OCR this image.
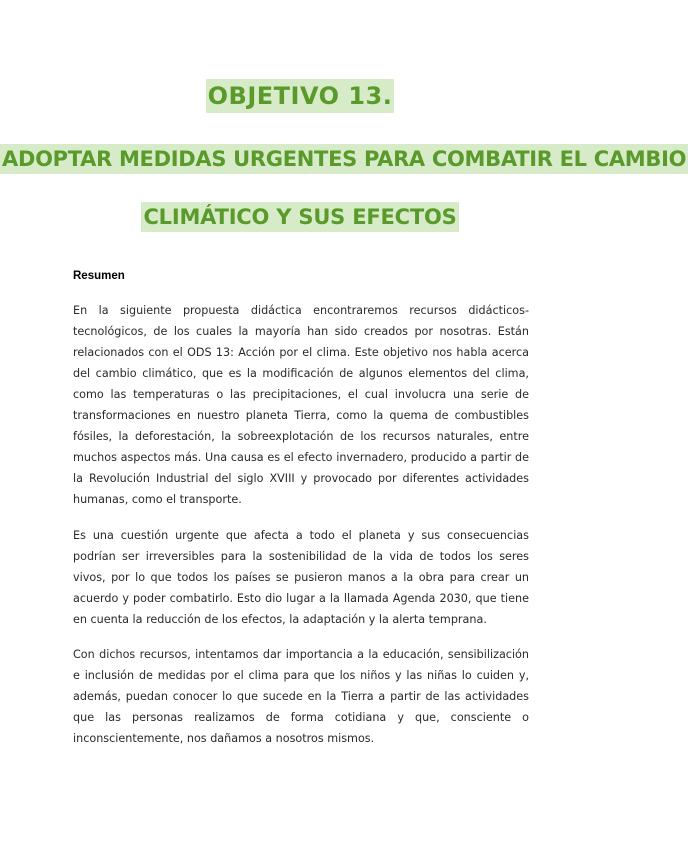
OBJETIVO 13.
ADOPTAR MEDIDAS URGENTES PARA COMBATIR EL CAMBIO
CLIMÁTICO Y SUS EFECTOS
Resumen

En la siguiente propuesta didáctica encontraremos recursos didácticos-tecnológicos, de los cuales la mayoría han sido creados por nosotras. Están relacionados con el ODS 13: Acción por el clima. Este objetivo nos habla acerca del cambio climático, que es la modificación de algunos elementos del clima, como las temperaturas o las precipitaciones, el cual involucra una serie de transformaciones en nuestro planeta Tierra, como la quema de combustibles fósiles, la deforestación, la sobreexplotación de los recursos naturales, entre muchos aspectos más. Una causa es el efecto invernadero, producido a partir de la Revolución Industrial del siglo XVIII y provocado por diferentes actividades humanas, como el transporte.

Es una cuestión urgente que afecta a todo el planeta y sus consecuencias podrían ser irreversibles para la sostenibilidad de la vida de todos los seres vivos, por lo que todos los países se pusieron manos a la obra para crear un acuerdo y poder combatirlo. Esto dio lugar a la llamada Agenda 2030, que tiene en cuenta la reducción de los efectos, la adaptación y la alerta temprana.

Con dichos recursos, intentamos dar importancia a la educación, sensibilización e inclusión de medidas por el clima para que los niños y las niñas lo cuiden y, además, puedan conocer lo que sucede en la Tierra a partir de las actividades que las personas realizamos de forma cotidiana y que, consciente o inconscientemente, nos dañamos a nosotros mismos.
